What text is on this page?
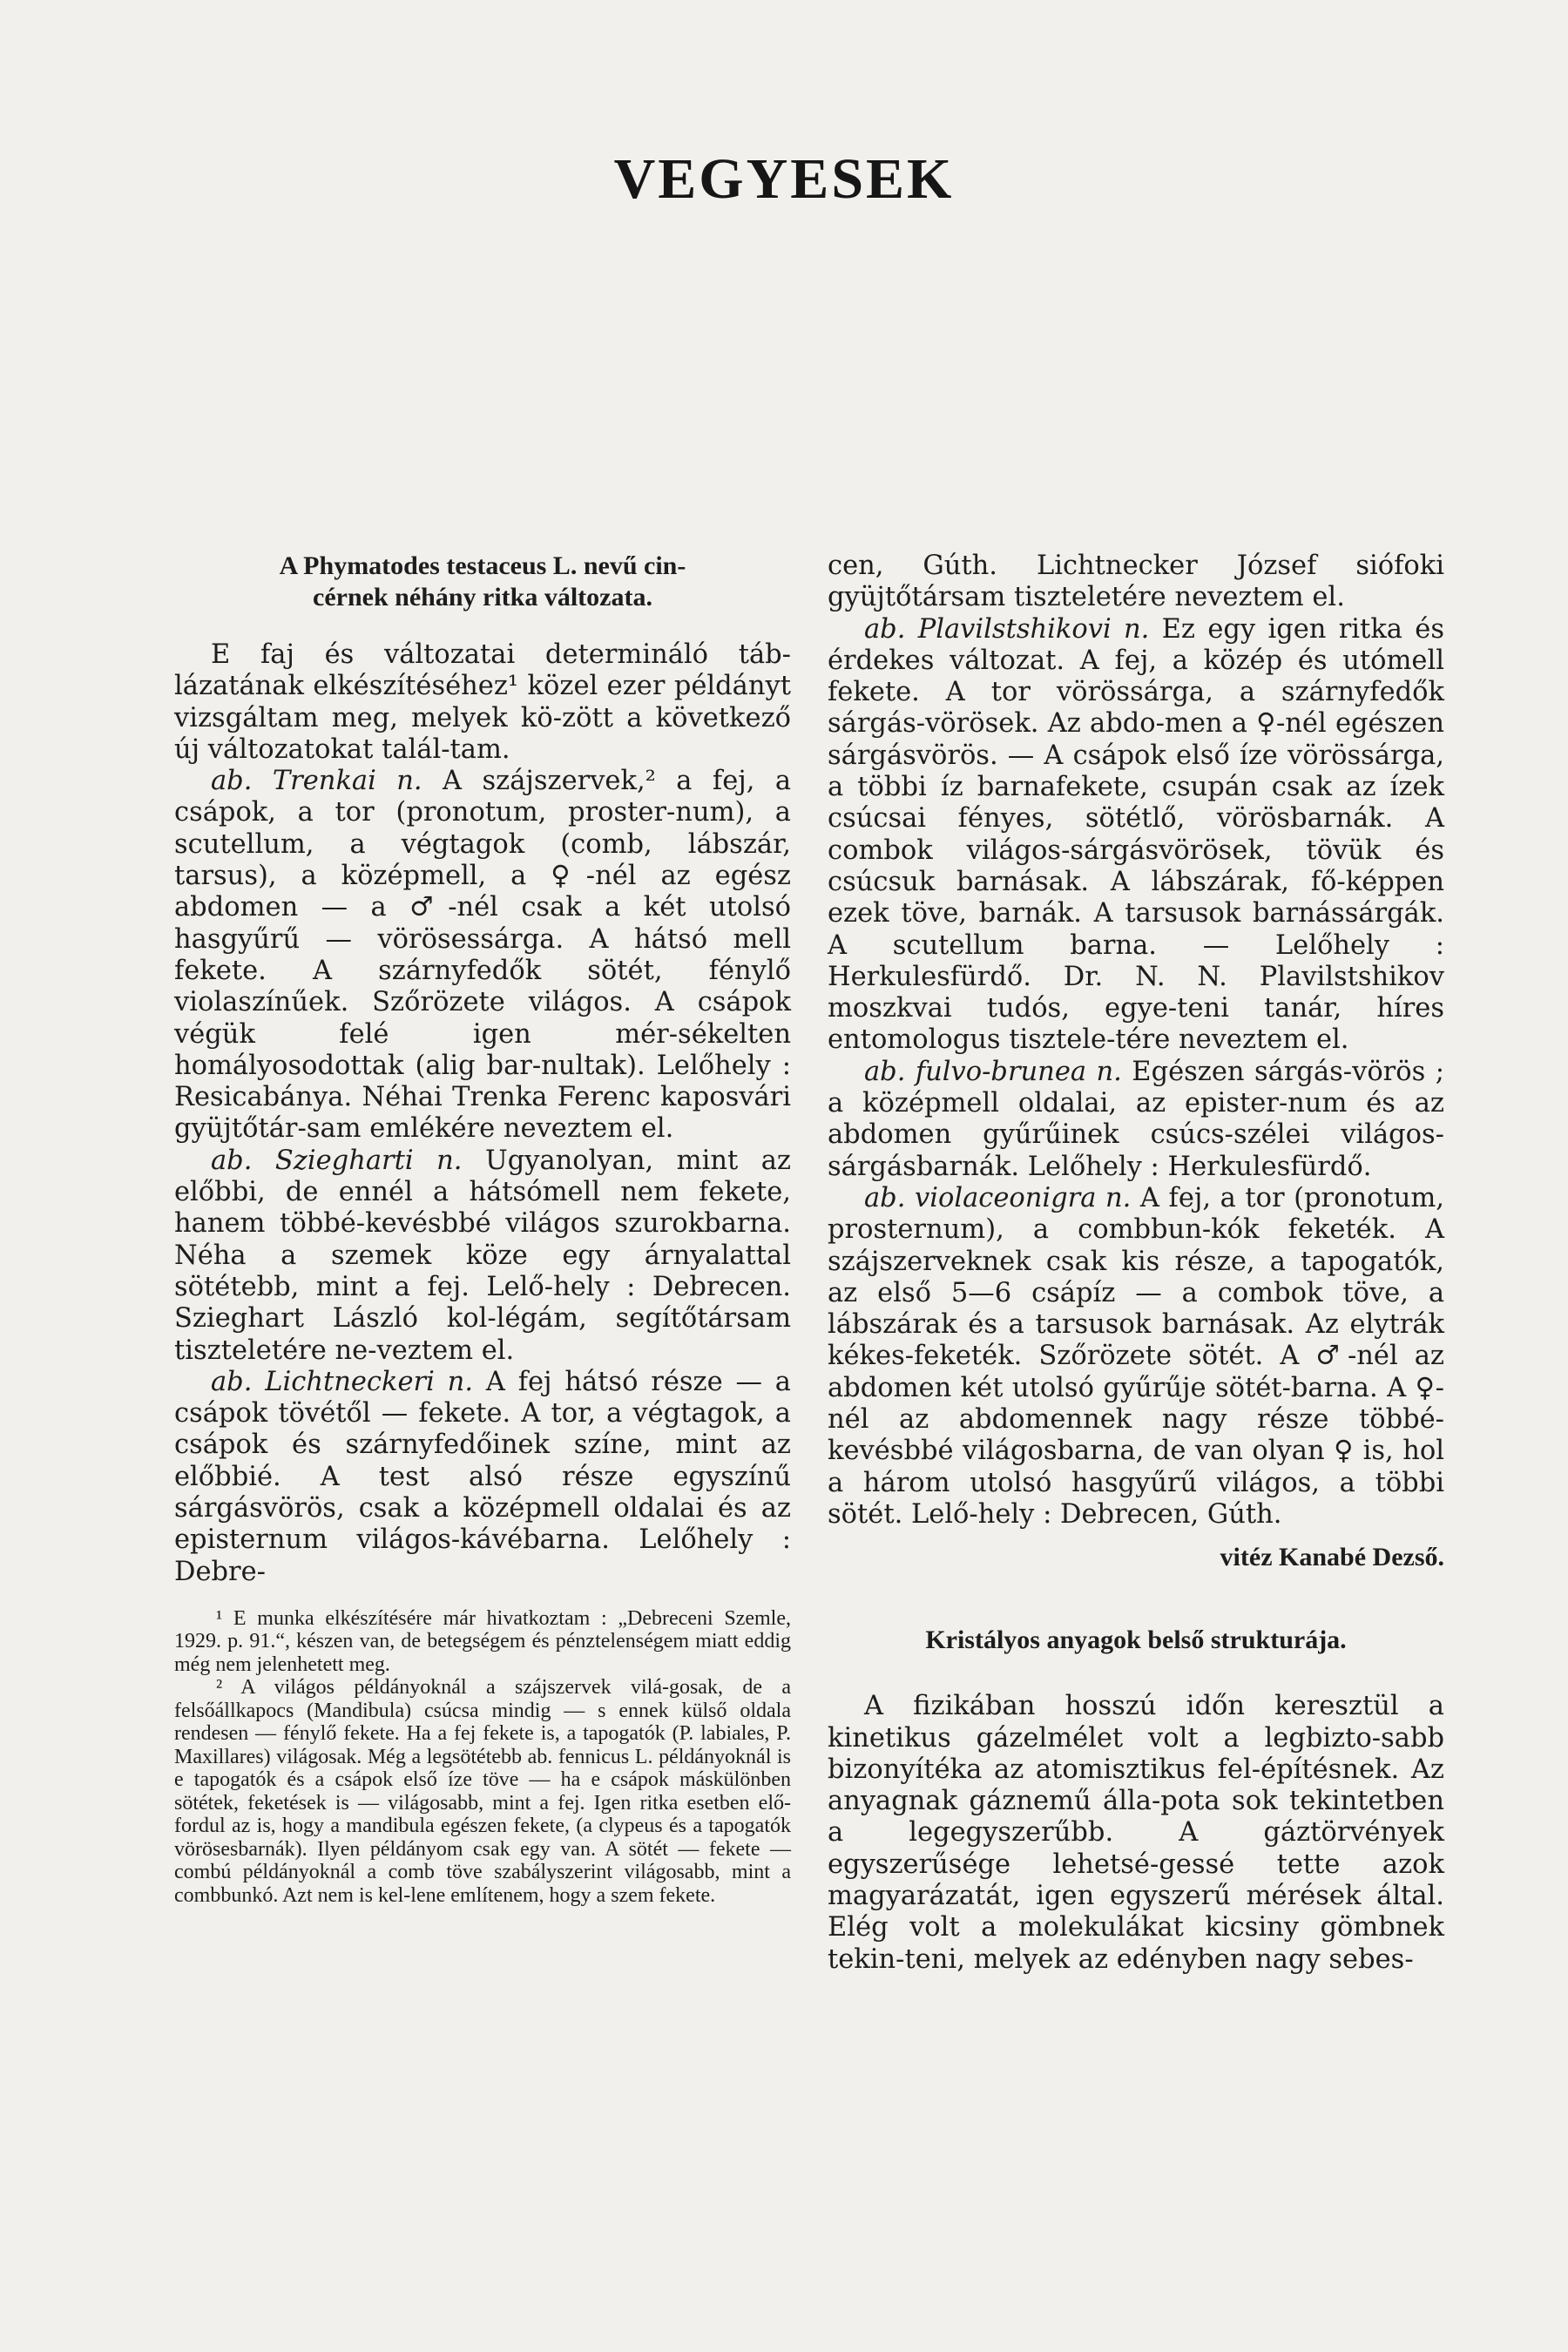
VEGYESEK

A Phymatodes testaceus L. nevű cin-

cérnek néhány ritka változata.

E faj és változatai determináló táb-lázatának elkészítéséhez¹ közel ezer példányt vizsgáltam meg, melyek kö-zött a következő új változatokat talál-tam.

ab. Trenkai n. A szájszervek,² a fej, a csápok, a tor (pronotum, proster-num), a scutellum, a végtagok (comb, lábszár, tarsus), a középmell, a ♀-nél az egész abdomen — a ♂-nél csak a két utolsó hasgyűrű — vörösessárga. A hátsó mell fekete. A szárnyfedők sötét, fénylő violaszínűek. Szőrözete világos. A csápok végük felé igen mér-sékelten homályosodottak (alig bar-nultak). Lelőhely : Resicabánya. Néhai Trenka Ferenc kaposvári gyüjtőtár-sam emlékére neveztem el.

ab. Szieghartі n. Ugyanolyan, mint az előbbi, de ennél a hátsómell nem fekete, hanem többé-kevésbbé világos szurokbarna. Néha a szemek köze egy árnyalattal sötétebb, mint a fej. Lelő-hely : Debrecen. Szieghart László kol-légám, segítőtársam tiszteletére ne-veztem el.

ab. Lichtneckeri n. A fej hátsó része — a csápok tövétől — fekete. A tor, a végtagok, a csápok és szárnyfedőinek színe, mint az előbbié. A test alsó része egyszínű sárgásvörös, csak a középmell oldalai és az episternum világos-kávébarna. Lelőhely : Debre-

¹ E munka elkészítésére már hivatkoztam : „Debreceni Szemle, 1929. p. 91.“, készen van, de betegségem és pénztelenségem miatt eddig még nem jelenhetett meg.

² A világos példányoknál a szájszervek vilá-gosak, de a felsőállkapocs (Mandibula) csúcsa mindig — s ennek külső oldala rendesen — fénylő fekete. Ha a fej fekete is, a tapogatók (P. labiales, P. Maxillares) világosak. Még a legsötétebb ab. fennicus L. példányoknál is e tapogatók és a csápok első íze töve — ha e csápok máskülönben sötétek, feketések is — világosabb, mint a fej. Igen ritka esetben elő-fordul az is, hogy a mandibula egészen fekete, (a clypeus és a tapogatók vörösesbarnák). Ilyen példányom csak egy van. A sötét — fekete — combú példányoknál a comb töve szabályszerint világosabb, mint a combbunkó. Azt nem is kel-lene említenem, hogy a szem fekete.

cen, Gúth. Lichtnecker József siófoki gyüjtőtársam tiszteletére neveztem el.

ab. Plavilstshikovi n. Ez egy igen ritka és érdekes változat. A fej, a közép és utómell fekete. A tor vörössárga, a szárnyfedők sárgás-vörösek. Az abdo-men a ♀-nél egészen sárgásvörös. — A csápok első íze vörössárga, a többi íz barnafekete, csupán csak az ízek csúcsai fényes, sötétlő, vörösbarnák. A combok világos-sárgásvörösek, tövük és csúcsuk barnásak. A lábszárak, fő-képpen ezek töve, barnák. A tarsusok barnássárgák. A scutellum barna. — Lelőhely : Herkulesfürdő. Dr. N. N. Plavilstshikov moszkvai tudós, egye-teni tanár, híres entomologus tisztele-tére neveztem el.

ab. fulvo-brunea n. Egészen sárgás-vörös ; a középmell oldalai, az epister-num és az abdomen gyűrűinek csúcs-szélei világos-sárgásbarnák. Lelőhely : Herkulesfürdő.

ab. violaceonigra n. A fej, a tor (pronotum, prosternum), a combbun-kók feketék. A szájszerveknek csak kis része, a tapogatók, az első 5—6 csápíz — a combok töve, a lábszárak és a tarsusok barnásak. Az elytrák kékes-feketék. Szőrözete sötét. A ♂-nél az abdomen két utolsó gyűrűje sötét-barna. A ♀-nél az abdomennek nagy része többé-kevésbbé világosbarna, de van olyan ♀ is, hol a három utolsó hasgyűrű világos, a többi sötét. Lelő-hely : Debrecen, Gúth.

vitéz Kanabé Dezső.

Kristályos anyagok belső strukturája.

A fizikában hosszú időn keresztül a kinetikus gázelmélet volt a legbizto-sabb bizonyítéka az atomisztikus fel-építésnek. Az anyagnak gáznemű álla-pota sok tekintetben a legegyszerűbb. A gáztörvények egyszerűsége lehetsé-gessé tette azok magyarázatát, igen egyszerű mérések által. Elég volt a molekulákat kicsiny gömbnek tekin-teni, melyek az edényben nagy sebes-
